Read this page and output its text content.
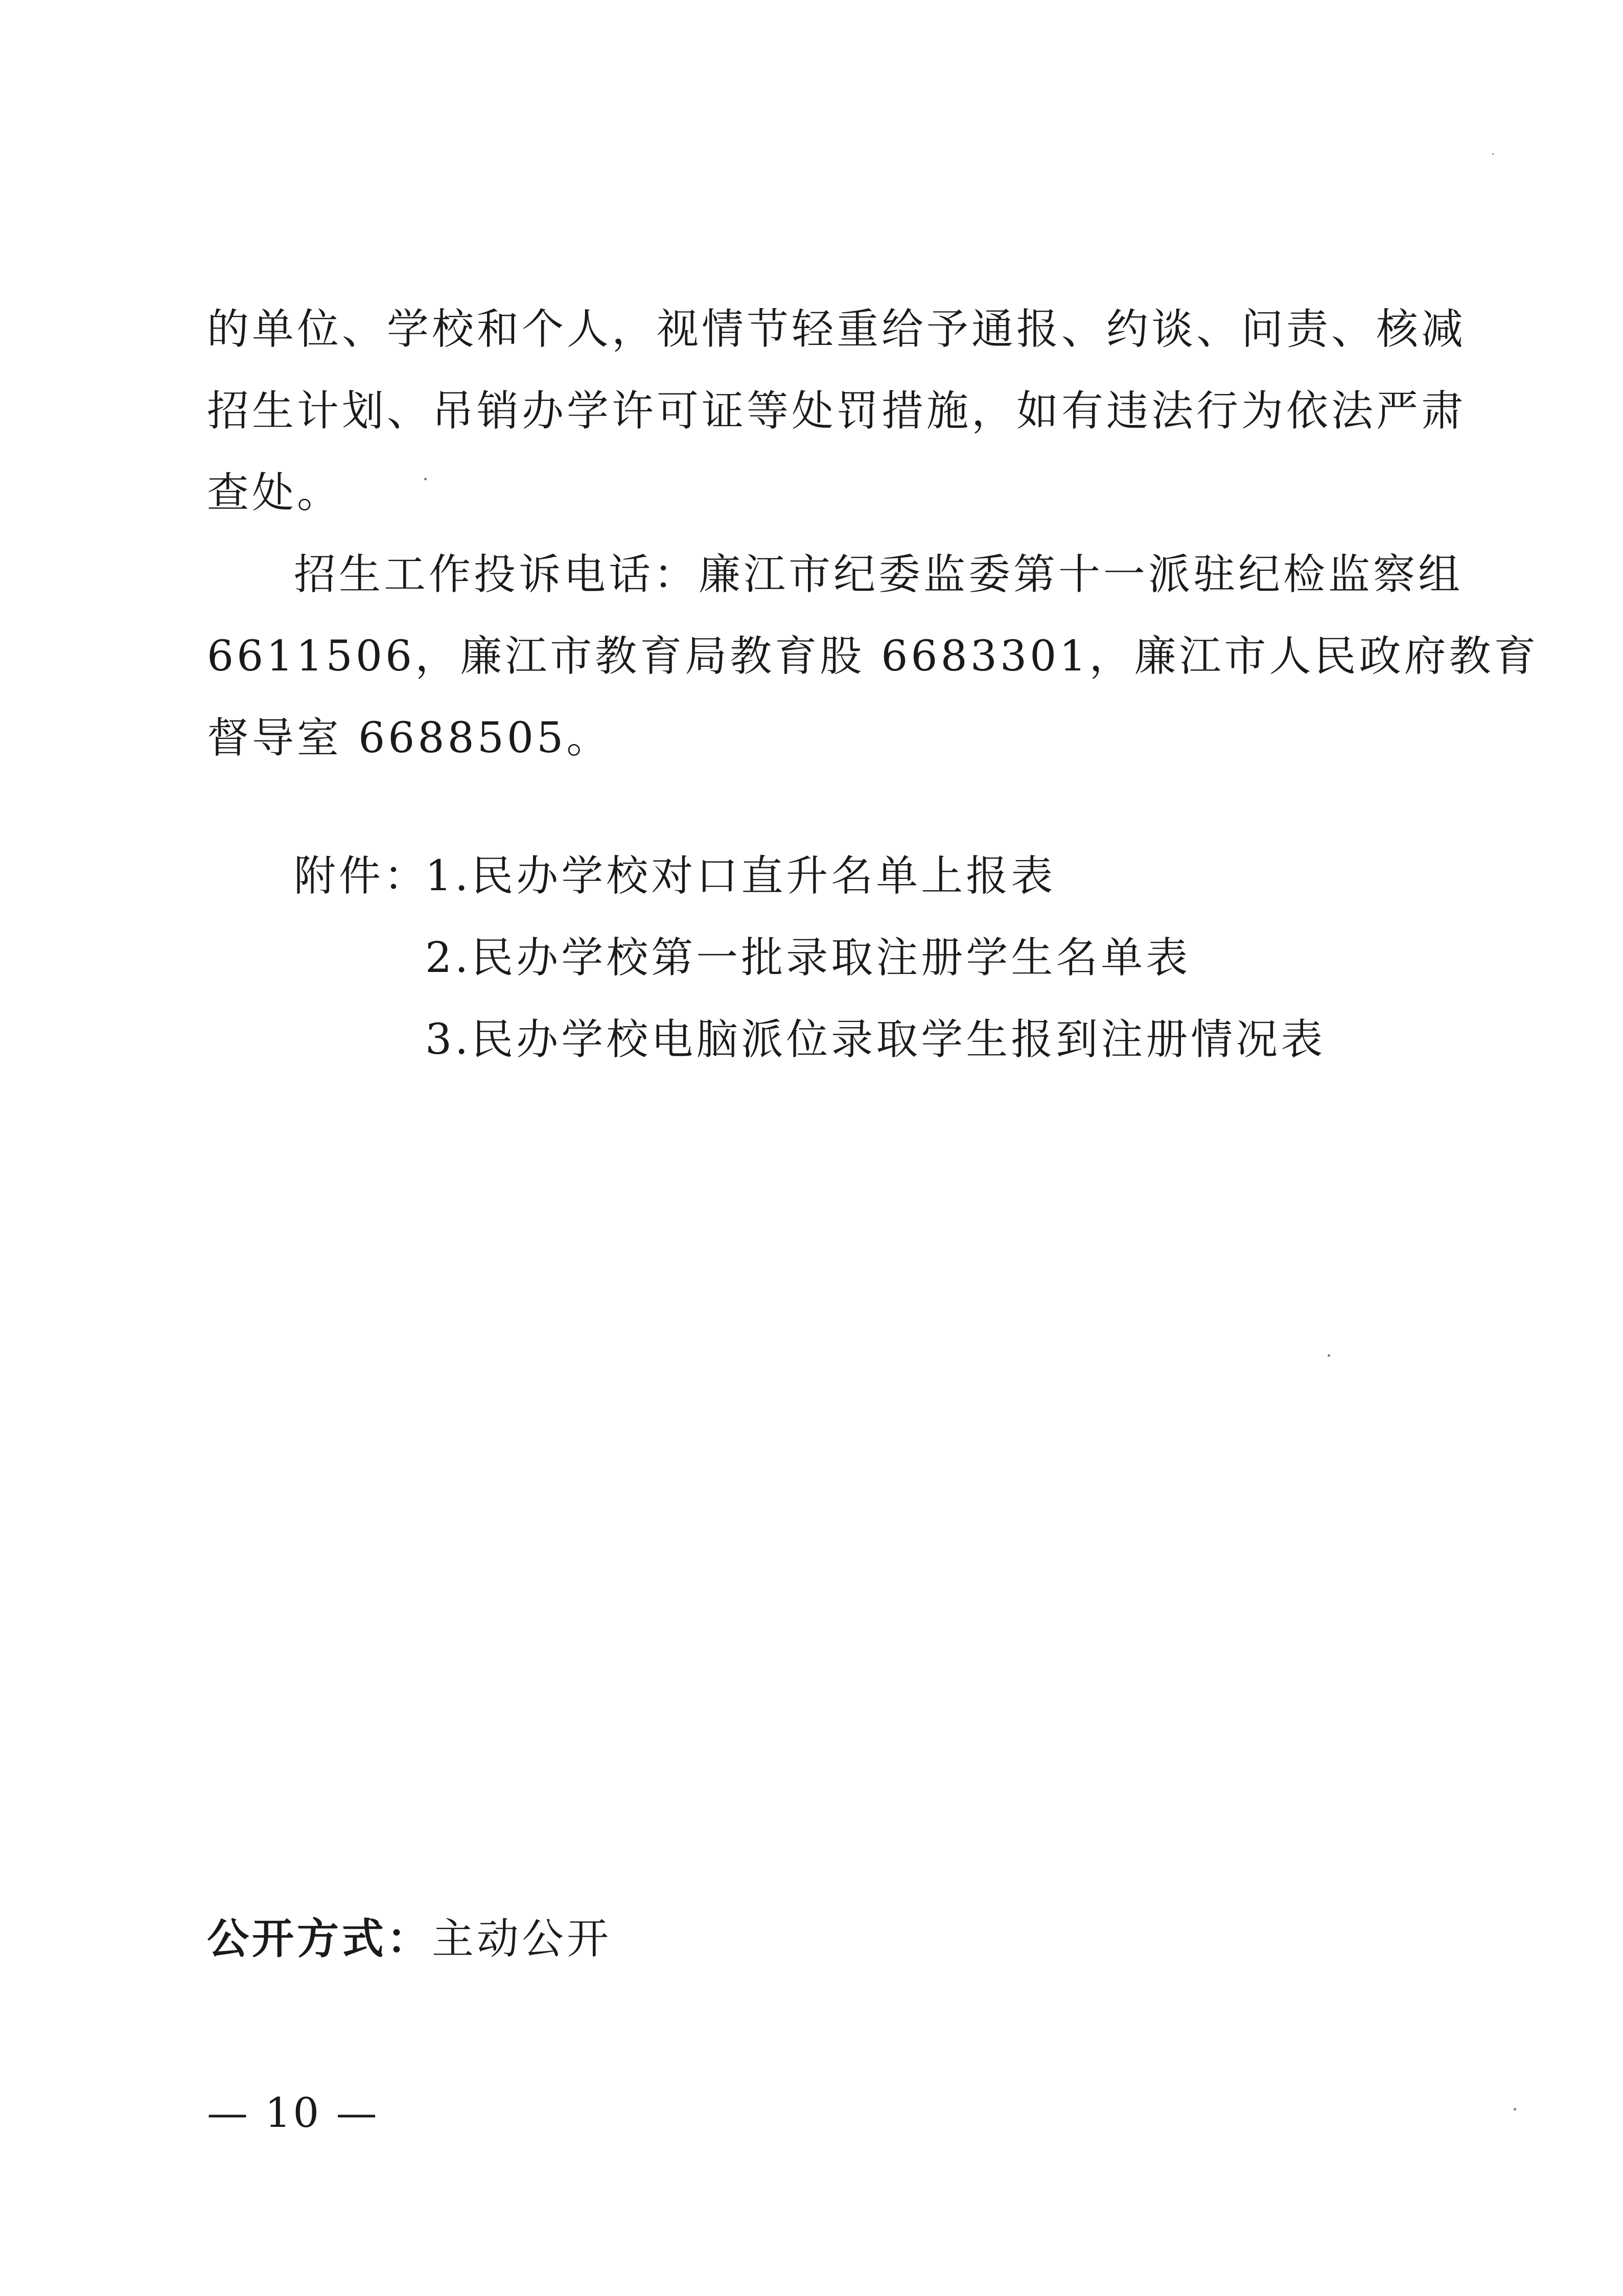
的单位、学校和个人，视情节轻重给予通报、约谈、问责、核减
招生计划、吊销办学许可证等处罚措施，如有违法行为依法严肃
查处。
招生工作投诉电话：廉江市纪委监委第十一派驻纪检监察组
6611506，廉江市教育局教育股 6683301，廉江市人民政府教育
督导室 6688505。
附件：
1.民办学校对口直升名单上报表
2.民办学校第一批录取注册学生名单表
3.民办学校电脑派位录取学生报到注册情况表
公开方式：主动公开
— 10 —
